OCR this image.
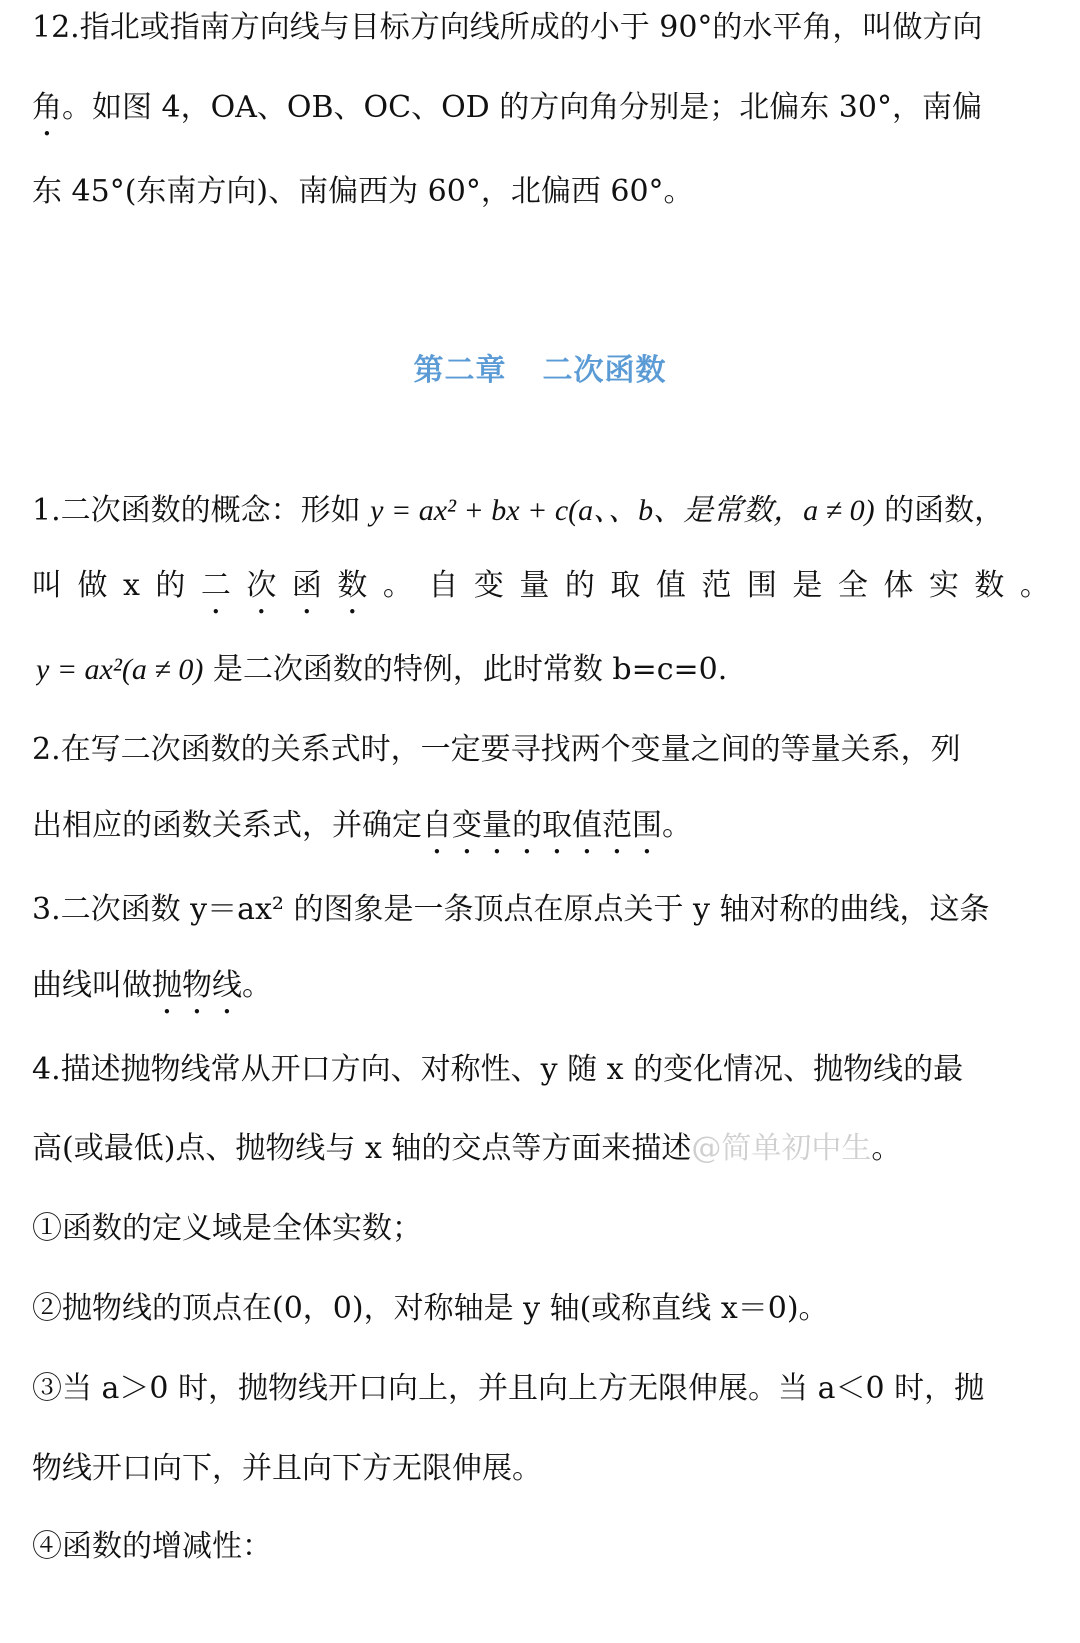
12.指北或指南方向线与目标方向线所成的小于 90°的水平角，叫做方向
角。如图 4，OA、OB、OC、OD 的方向角分别是；北偏东 30°，南偏
东 45°(东南方向)、南偏西为 60°，北偏西 60°。
第二章 二次函数
1.二次函数的概念：形如 y = ax² + bx + c(a、、b、是常数，a ≠ 0) 的函数，
叫 做 x 的 二 次 函 数 。 自 变 量 的 取 值 范 围 是 全 体 实 数 。
y = ax²(a ≠ 0) 是二次函数的特例，此时常数 b=c=0.
2.在写二次函数的关系式时，一定要寻找两个变量之间的等量关系，列
出相应的函数关系式，并确定自变量的取值范围。
3.二次函数 y＝ax² 的图象是一条顶点在原点关于 y 轴对称的曲线，这条
曲线叫做抛物线。
4.描述抛物线常从开口方向、对称性、y 随 x 的变化情况、抛物线的最
高(或最低)点、抛物线与 x 轴的交点等方面来描述@简单初中生。
①函数的定义域是全体实数；
②抛物线的顶点在(0，0)，对称轴是 y 轴(或称直线 x＝0)。
③当 a＞0 时，抛物线开口向上，并且向上方无限伸展。当 a＜0 时，抛
物线开口向下，并且向下方无限伸展。
④函数的增减性：
